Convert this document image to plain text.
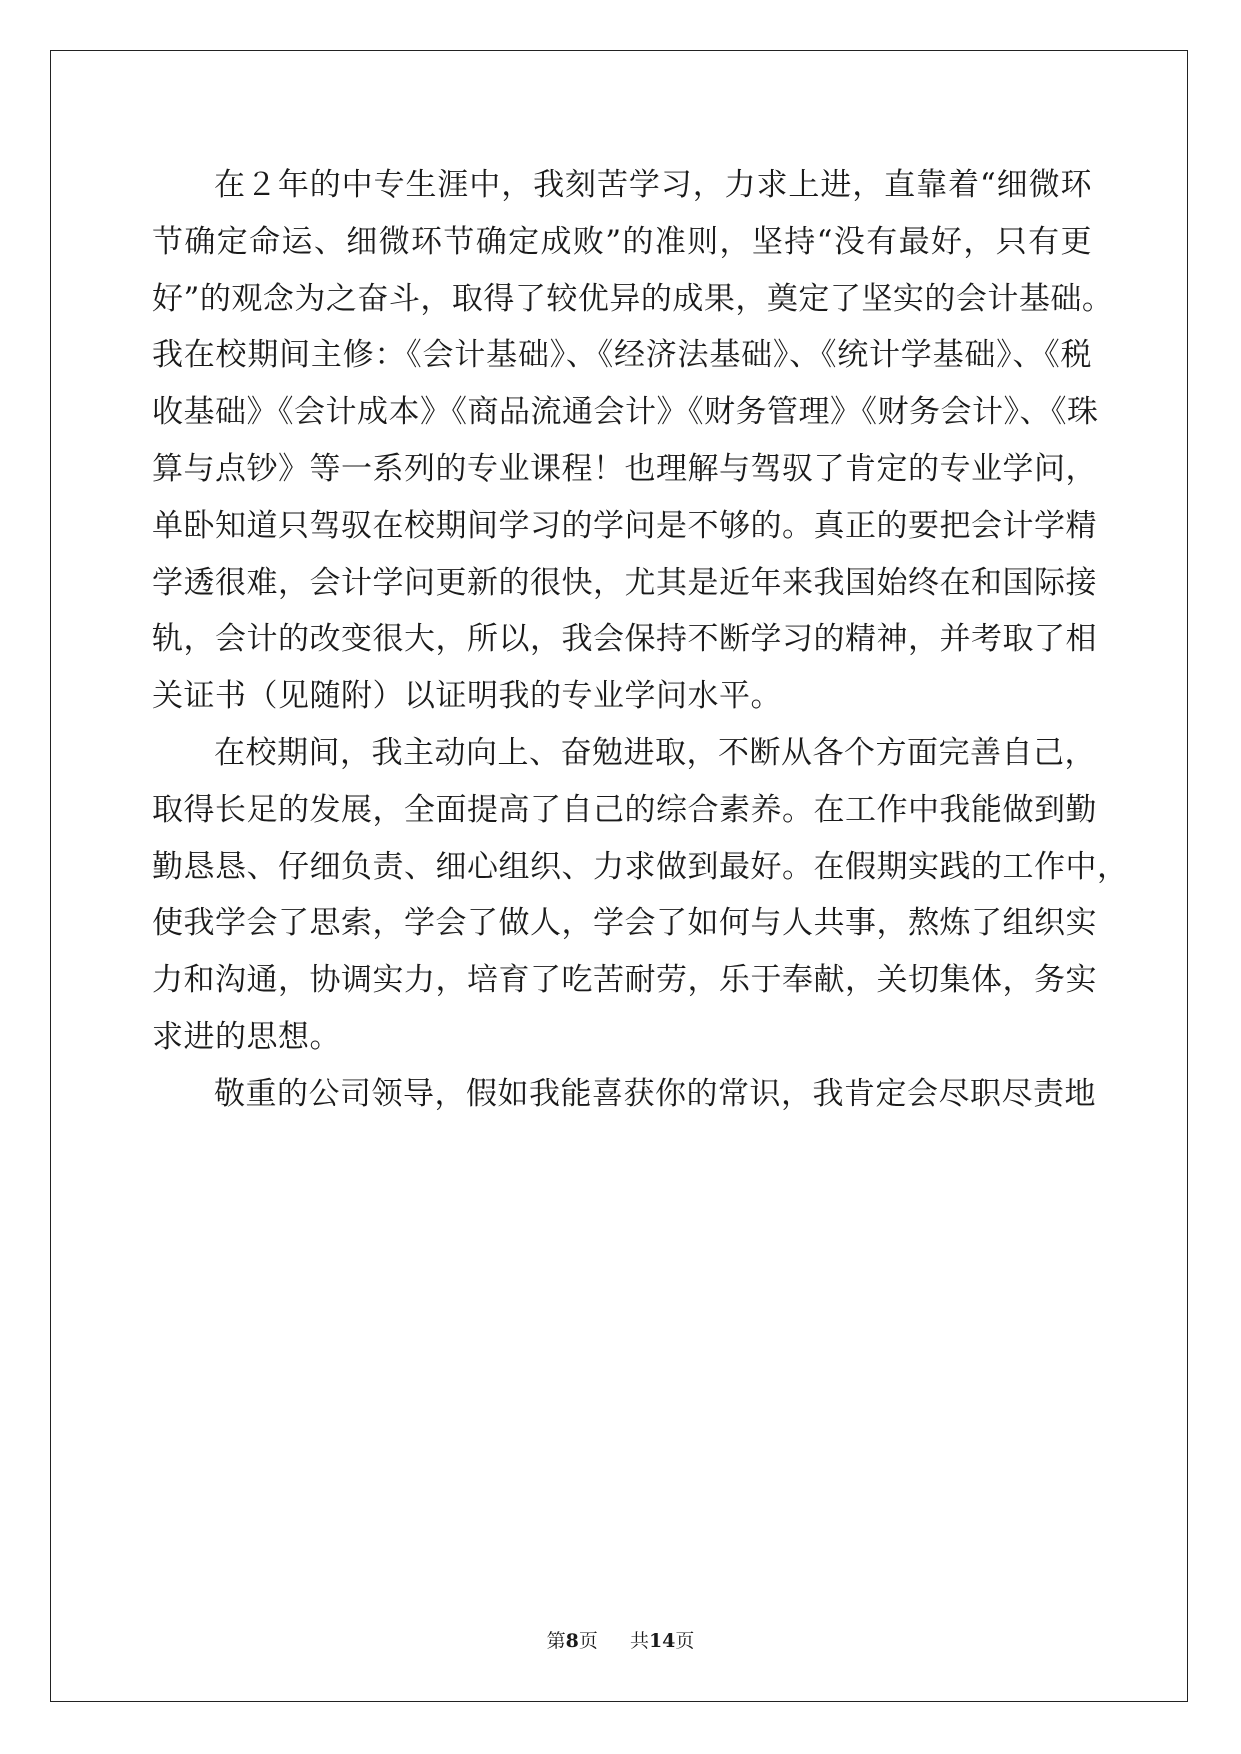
在２年的中专生涯中，我刻苦学习，力求上进，直靠着“细微环
节确定命运、细微环节确定成败”的准则，坚持“没有最好，只有更
好”的观念为之奋斗，取得了较优异的成果，奠定了坚实的会计基础。
我在校期间主修：《会计基础》、《经济法基础》、《统计学基础》、《税
收基础》《会计成本》《商品流通会计》《财务管理》《财务会计》、《珠
算与点钞》等一系列的专业课程！也理解与驾驭了肯定的专业学问，
单卧知道只驾驭在校期间学习的学问是不够的。真正的要把会计学精
学透很难，会计学问更新的很快，尤其是近年来我国始终在和国际接
轨，会计的改变很大，所以，我会保持不断学习的精神，并考取了相
关证书（见随附）以证明我的专业学问水平。
在校期间，我主动向上、奋勉进取，不断从各个方面完善自己，
取得长足的发展，全面提高了自己的综合素养。在工作中我能做到勤
勤恳恳、仔细负责、细心组织、力求做到最好。在假期实践的工作中，
使我学会了思索，学会了做人，学会了如何与人共事，熬炼了组织实
力和沟通，协调实力，培育了吃苦耐劳，乐于奉献，关切集体，务实
求进的思想。
敬重的公司领导，假如我能喜获你的常识，我肯定会尽职尽责地
第8页 共14页
